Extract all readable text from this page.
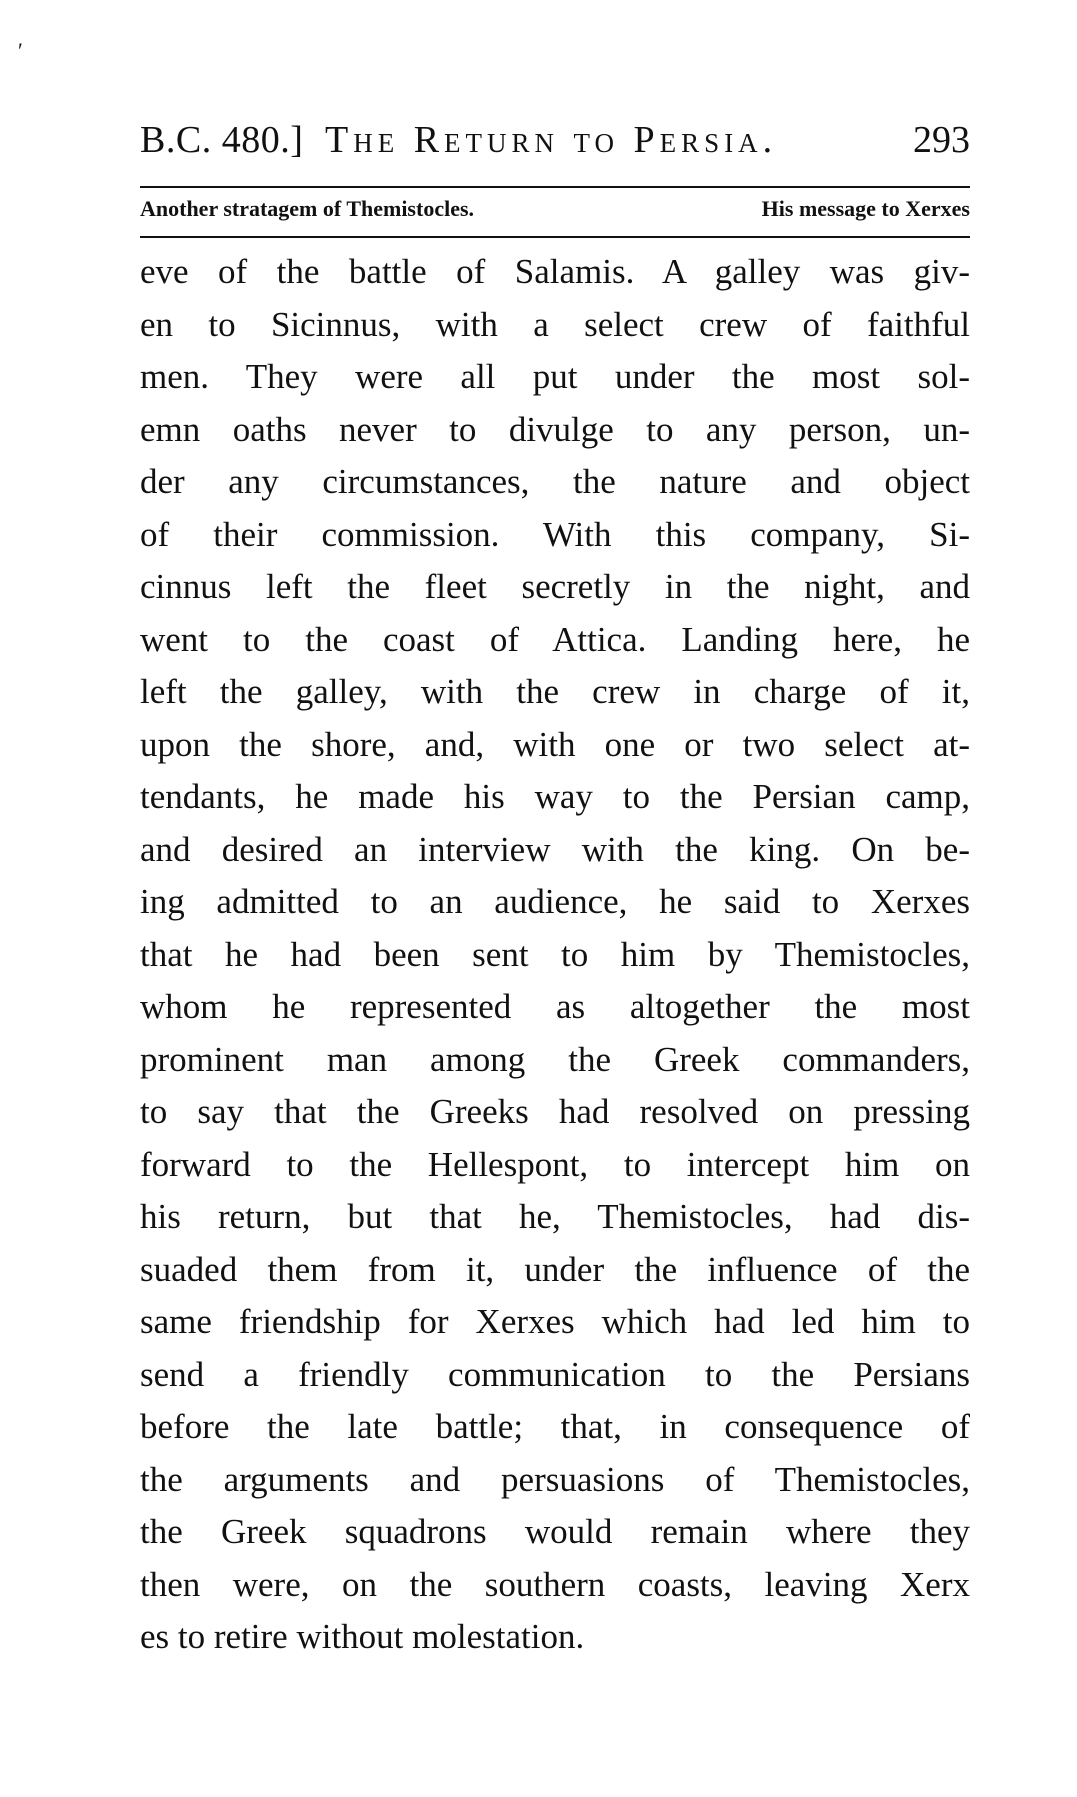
′
B.C. 480.] The Return to Persia.	293
Another stratagem of Themistocles.	His message to Xerxes
eve of the battle of Salamis. A galley was giv-
en to Sicinnus, with a select crew of faithful
men. They were all put under the most sol-
emn oaths never to divulge to any person, un-
der any circumstances, the nature and object
of their commission. With this company, Si-
cinnus left the fleet secretly in the night, and
went to the coast of Attica. Landing here, he
left the galley, with the crew in charge of it,
upon the shore, and, with one or two select at-
tendants, he made his way to the Persian camp,
and desired an interview with the king. On be-
ing admitted to an audience, he said to Xerxes
that he had been sent to him by Themistocles,
whom he represented as altogether the most
prominent man among the Greek commanders,
to say that the Greeks had resolved on pressing
forward to the Hellespont, to intercept him on
his return, but that he, Themistocles, had dis-
suaded them from it, under the influence of the
same friendship for Xerxes which had led him to
send a friendly communication to the Persians
before the late battle; that, in consequence of
the arguments and persuasions of Themistocles,
the Greek squadrons would remain where they
then were, on the southern coasts, leaving Xerx
es to retire without molestation.
